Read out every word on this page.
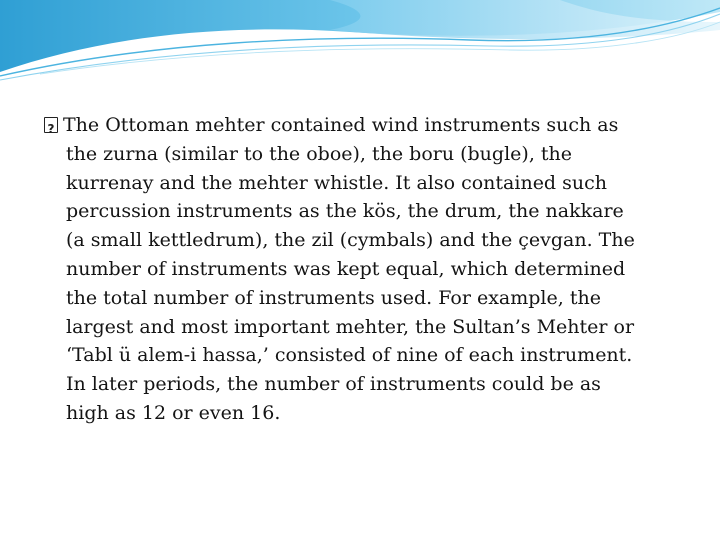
?The Ottoman mehter contained wind instruments such as the zurna (similar to the oboe), the boru (bugle), the kurrenay and the mehter whistle. It also contained such percussion instruments as the kös, the drum, the nakkare (a small kettledrum), the zil (cymbals) and the çevgan. The number of instruments was kept equal, which determined the total number of instruments used. For example, the largest and most important mehter, the Sultan’s Mehter or ‘Tabl ü alem-i hassa,’ consisted of nine of each instrument. In later periods, the number of instruments could be as high as 12 or even 16.
